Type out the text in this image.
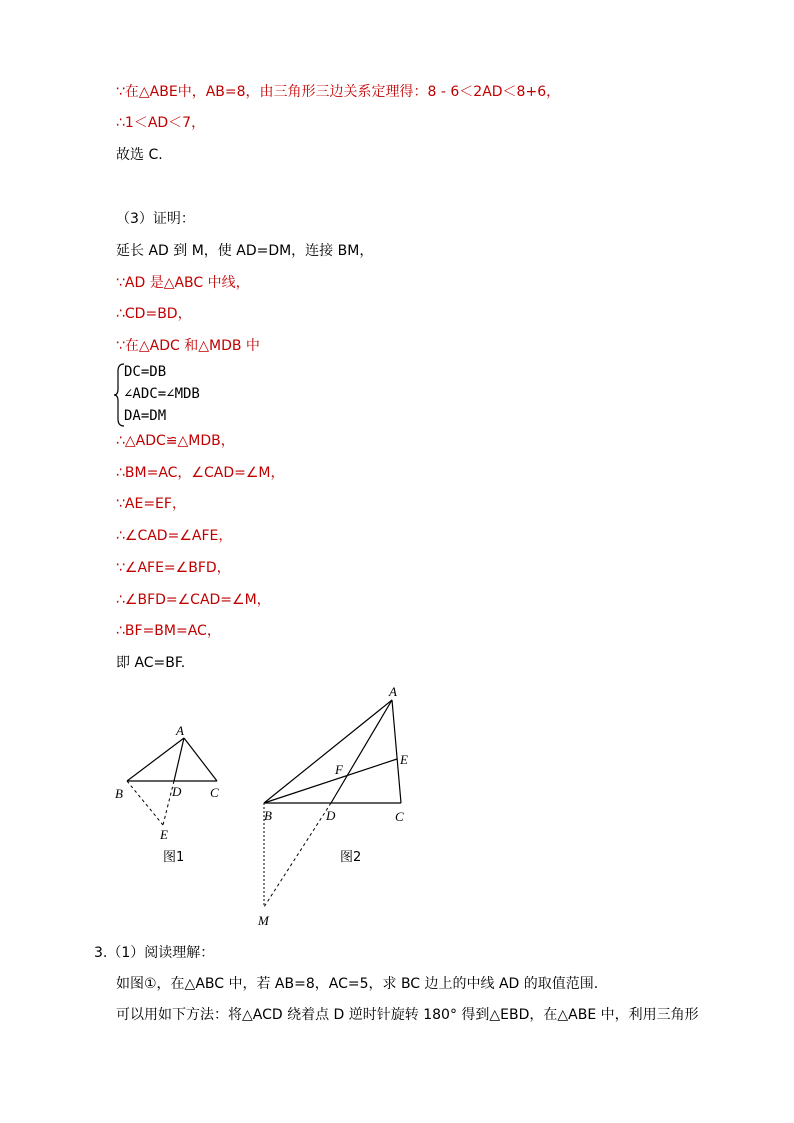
∵在△ABE中，AB=8，由三角形三边关系定理得：8 - 6＜2AD＜8+6，
∴1＜AD＜7，
故选 C.
（3）证明：
延长 AD 到 M，使 AD=DM，连接 BM，
∵AD 是△ABC 中线，
∴CD=BD，
∵在△ADC 和△MDB 中
DC=DB
∠ADC=∠MDB
DA=DM
∴△ADC≌△MDB，
∴BM=AC，∠CAD=∠M，
∵AE=EF，
∴∠CAD=∠AFE，
∵∠AFE=∠BFD，
∴∠BFD=∠CAD=∠M，
∴BF=BM=AC，
即 AC=BF.
A
B	D C
E
图1
A
E
F
B	D	C
M
图2
3.（1）阅读理解：
如图①，在△ABC 中，若 AB=8，AC=5，求 BC 边上的中线 AD 的取值范围.
可以用如下方法：将△ACD 绕着点 D 逆时针旋转 180° 得到△EBD，在△ABE 中，利用三角形
